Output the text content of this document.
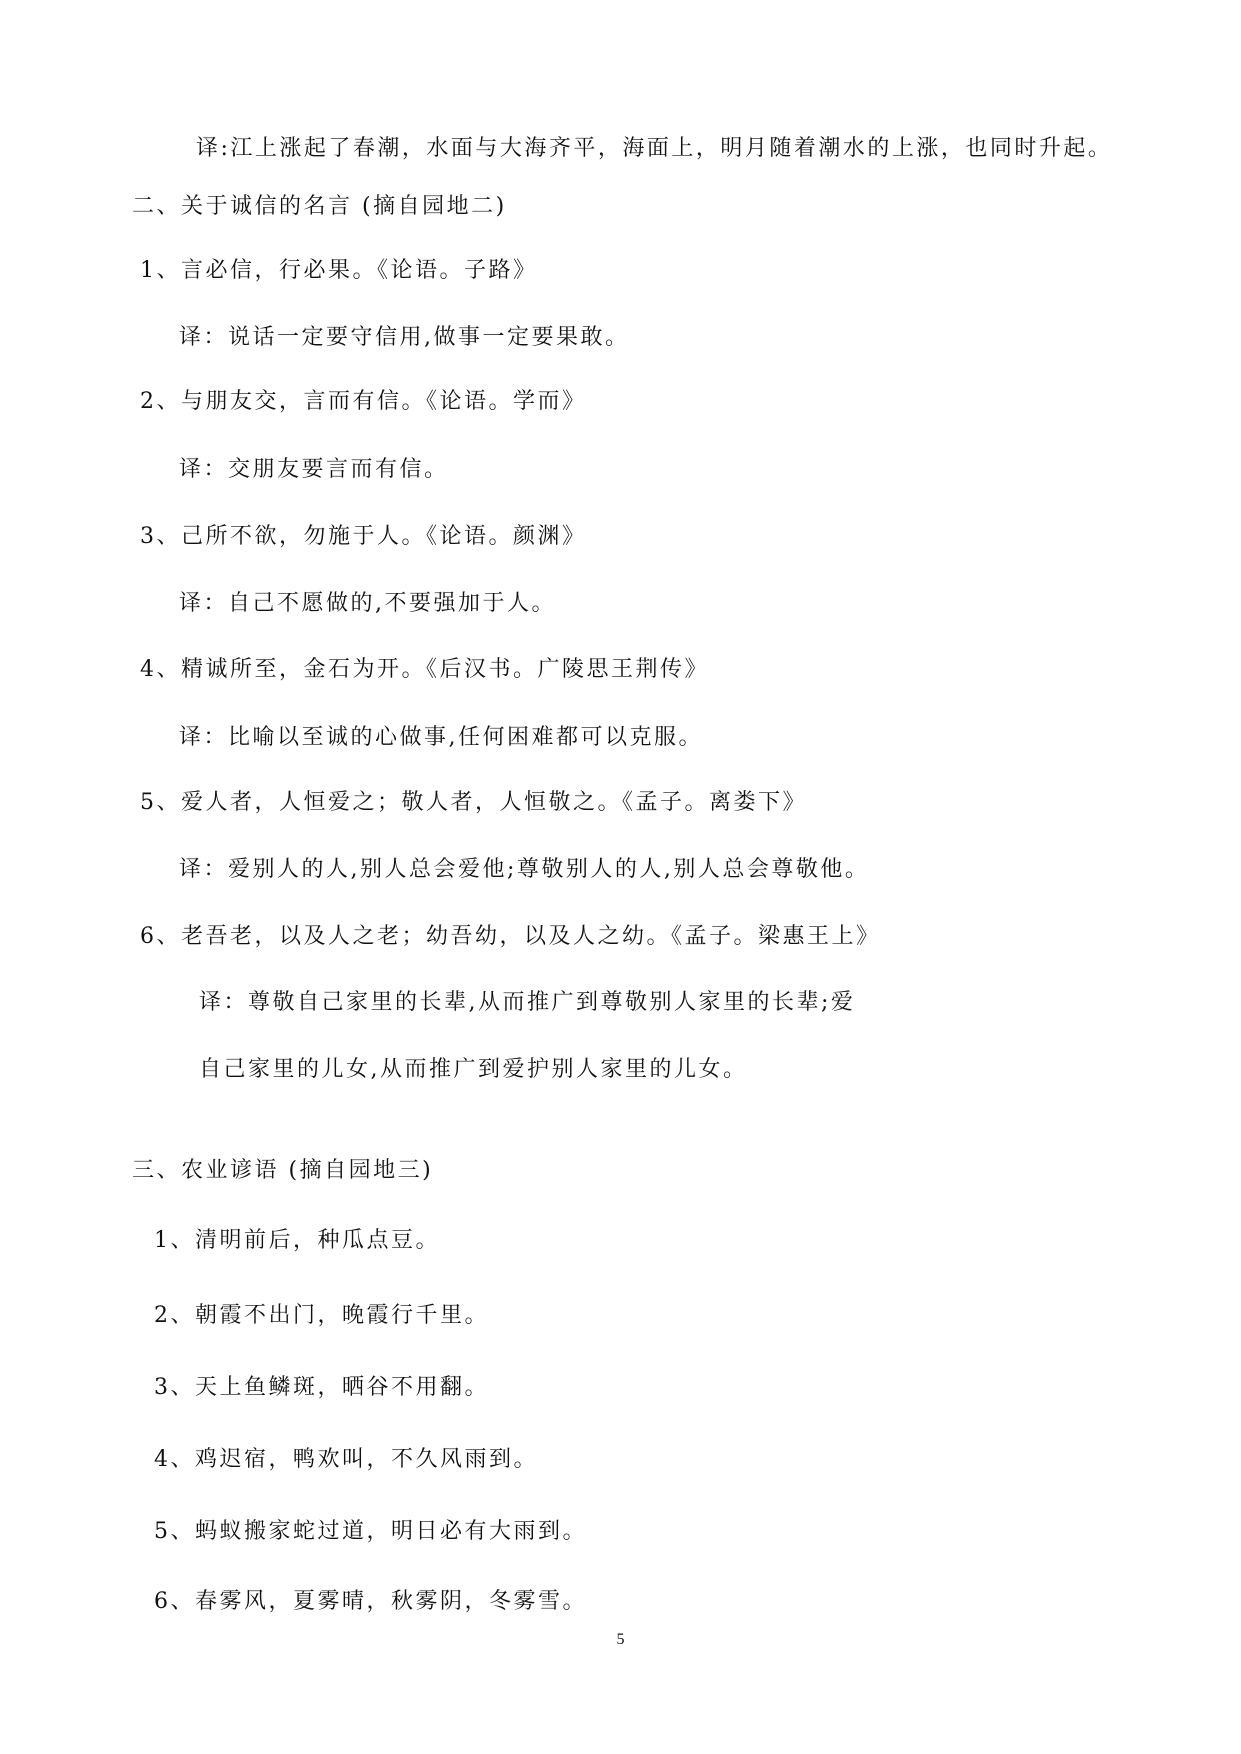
译:江上涨起了春潮，水面与大海齐平，海面上，明月随着潮水的上涨，也同时升起。
二、关于诚信的名言 (摘自园地二)
1、言必信，行必果。《论语。子路》
译：说话一定要守信用,做事一定要果敢。
2、与朋友交，言而有信。《论语。学而》
译：交朋友要言而有信。
3、己所不欲，勿施于人。《论语。颜渊》
译：自己不愿做的,不要强加于人。
4、精诚所至，金石为开。《后汉书。广陵思王荆传》
译：比喻以至诚的心做事,任何困难都可以克服。
5、爱人者，人恒爱之；敬人者，人恒敬之。《孟子。离娄下》
译：爱别人的人,别人总会爱他;尊敬别人的人,别人总会尊敬他。
6、老吾老，以及人之老；幼吾幼，以及人之幼。《孟子。梁惠王上》
译：尊敬自己家里的长辈,从而推广到尊敬别人家里的长辈;爱
自己家里的儿女,从而推广到爱护别人家里的儿女。
三、农业谚语 (摘自园地三)
1、清明前后，种瓜点豆。
2、朝霞不出门，晚霞行千里。
3、天上鱼鳞斑，晒谷不用翻。
4、鸡迟宿，鸭欢叫，不久风雨到。
5、蚂蚁搬家蛇过道，明日必有大雨到。
6、春雾风，夏雾晴，秋雾阴，冬雾雪。
5
